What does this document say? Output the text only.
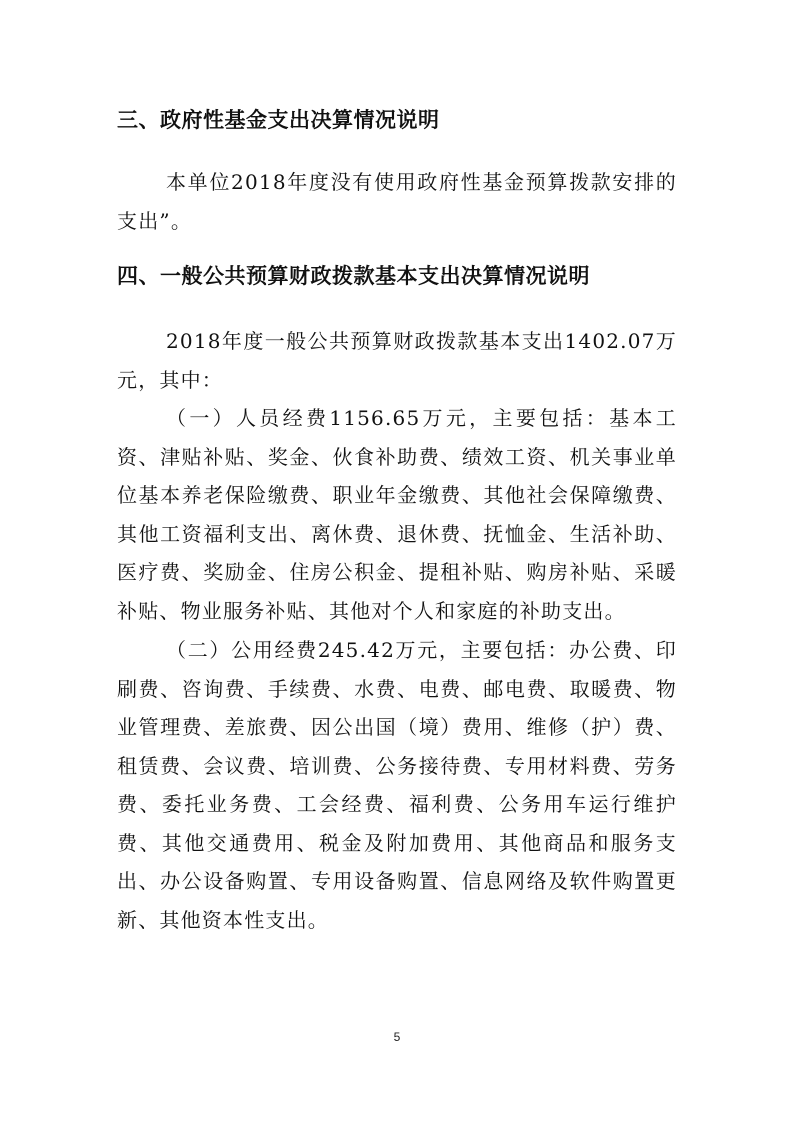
三、政府性基金支出决算情况说明

本单位2018年度没有使用政府性基金预算拨款安排的支出”。

四、一般公共预算财政拨款基本支出决算情况说明

2018年度一般公共预算财政拨款基本支出1402.07万元，其中：

（一）人员经费1156.65万元，主要包括：基本工资、津贴补贴、奖金、伙食补助费、绩效工资、机关事业单位基本养老保险缴费、职业年金缴费、其他社会保障缴费、其他工资福利支出、离休费、退休费、抚恤金、生活补助、医疗费、奖励金、住房公积金、提租补贴、购房补贴、采暖补贴、物业服务补贴、其他对个人和家庭的补助支出。

（二）公用经费245.42万元，主要包括：办公费、印刷费、咨询费、手续费、水费、电费、邮电费、取暖费、物业管理费、差旅费、因公出国（境）费用、维修（护）费、租赁费、会议费、培训费、公务接待费、专用材料费、劳务费、委托业务费、工会经费、福利费、公务用车运行维护费、其他交通费用、税金及附加费用、其他商品和服务支出、办公设备购置、专用设备购置、信息网络及软件购置更新、其他资本性支出。

5
